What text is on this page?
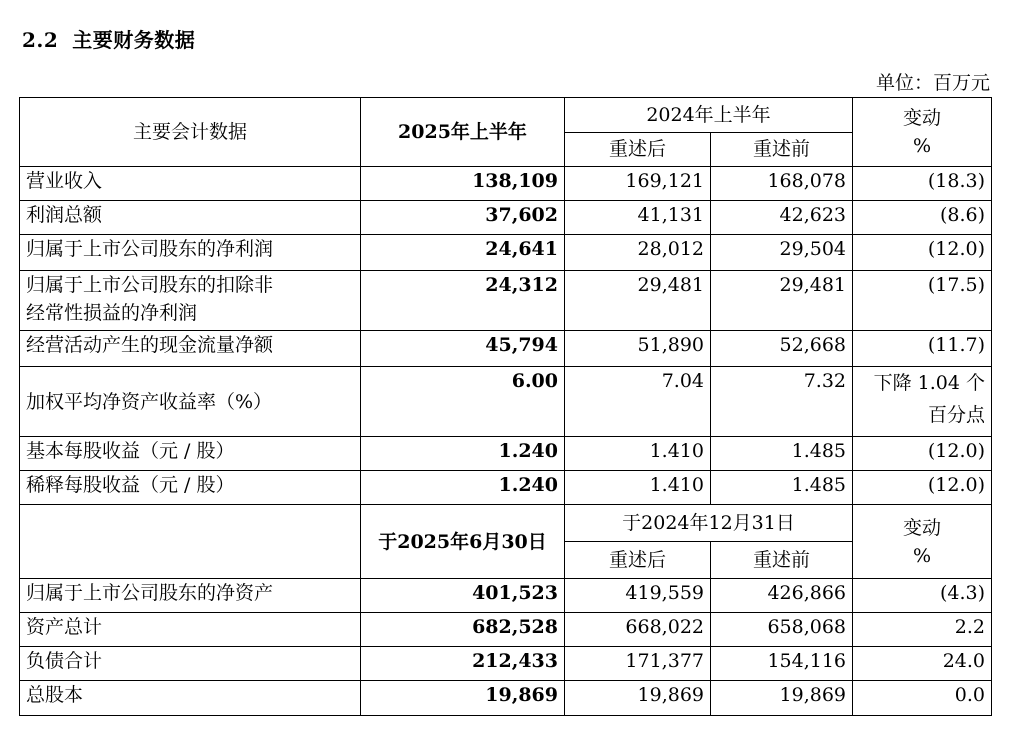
2.2 主要财务数据
单位：百万元
主要会计数据	2025年上半年	2024年上半年		变动
%

		重述后	重述前	
营业收入	138,109	169,121	168,078	(18.3)
利润总额	37,602	41,131	42,623	(8.6)
归属于上市公司股东的净利润	24,641	28,012	29,504	(12.0)

归属于上市公司股东的扣除非
经常性损益的净利润	24,312	29,481	29,481	(17.5)
经营活动产生的现金流量净额	45,794	51,890	52,668	(11.7)
加权平均净资产收益率（%）	6.00	7.04	7.32	下降 1.04 个
百分点

基本每股收益（元 / 股）	1.240	1.410	1.485	(12.0)
稀释每股收益（元 / 股）	1.240	1.410	1.485	(12.0)
	于2025年6月30日	于2024年12月31日		变动
%

		重述后	重述前	
归属于上市公司股东的净资产	401,523	419,559	426,866	(4.3)
资产总计	682,528	668,022	658,068	2.2
负债合计	212,433	171,377	154,116	24.0
总股本	19,869	19,869	19,869	0.0
